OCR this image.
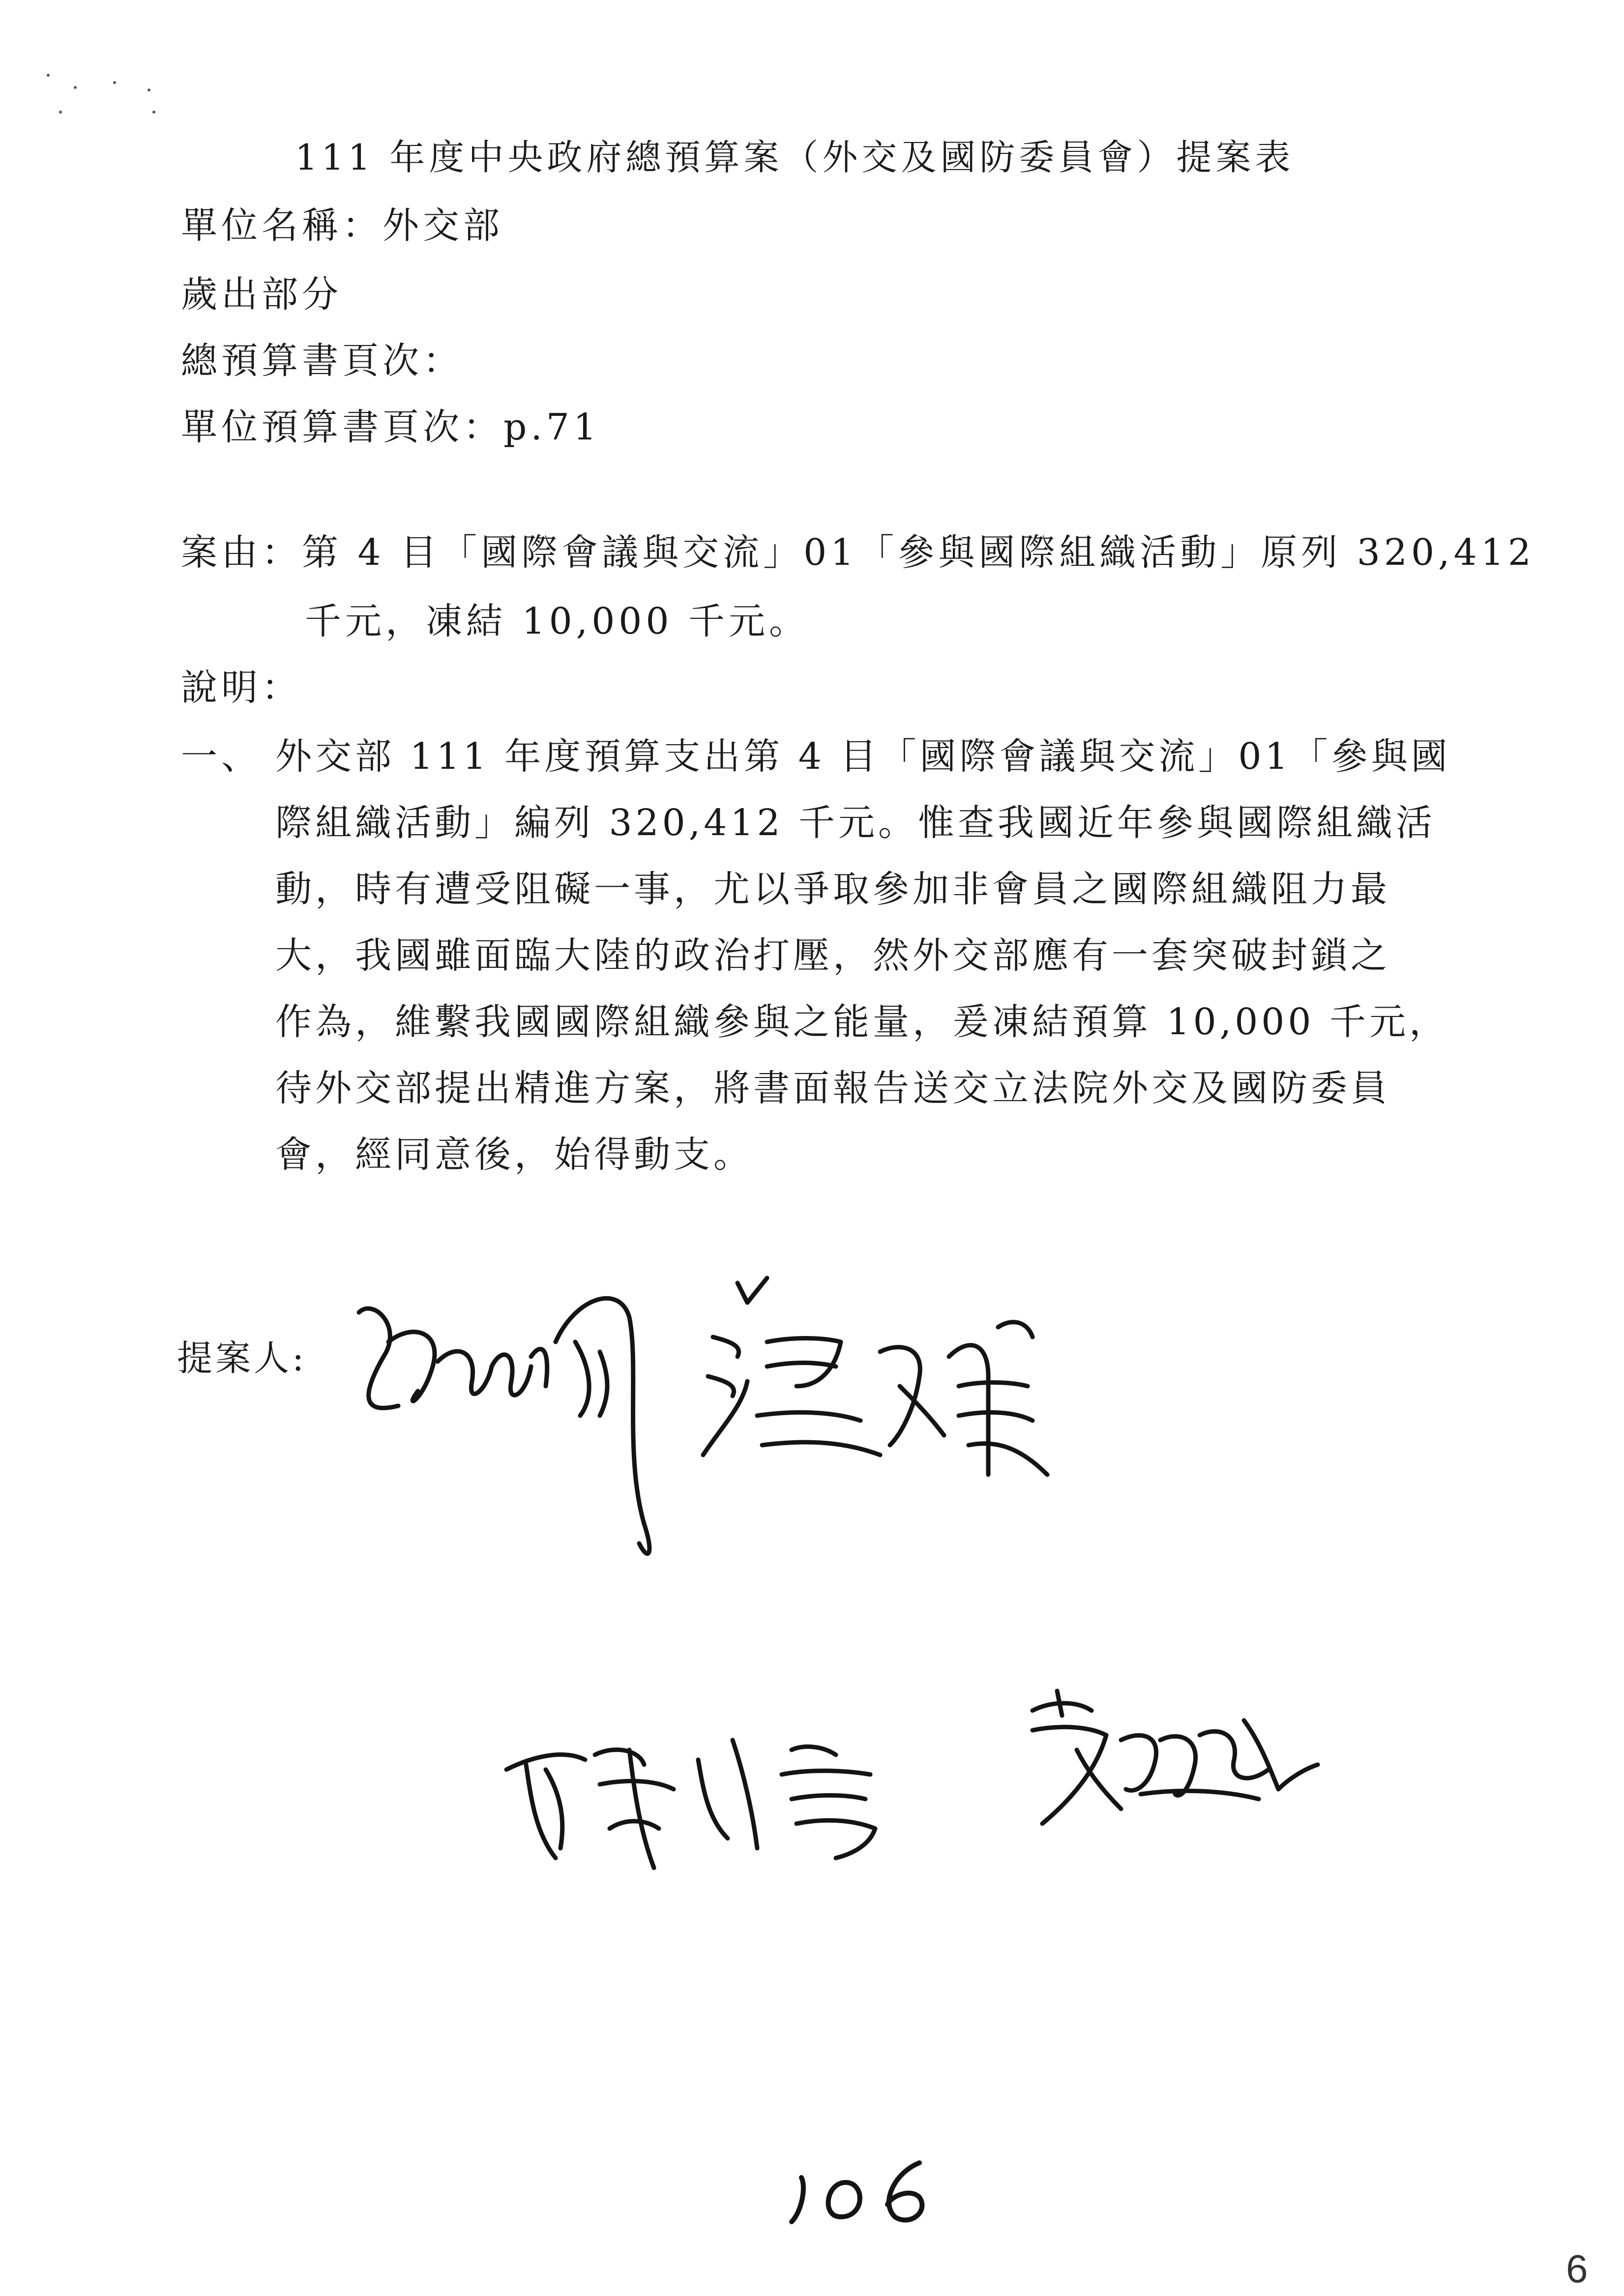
111 年度中央政府總預算案（外交及國防委員會）提案表
單位名稱：外交部
歲出部分
總預算書頁次：
單位預算書頁次：p.71
案由：第 4 目「國際會議與交流」01「參與國際組織活動」原列 320,412
千元，凍結 10,000 千元。
說明：
一、 外交部 111 年度預算支出第 4 目「國際會議與交流」01「參與國
際組織活動」編列 320,412 千元。惟查我國近年參與國際組織活
動，時有遭受阻礙一事，尤以爭取參加非會員之國際組織阻力最
大，我國雖面臨大陸的政治打壓，然外交部應有一套突破封鎖之
作為，維繫我國國際組織參與之能量，爰凍結預算 10,000 千元，
待外交部提出精進方案，將書面報告送交立法院外交及國防委員
會，經同意後，始得動支。
提案人:
6
